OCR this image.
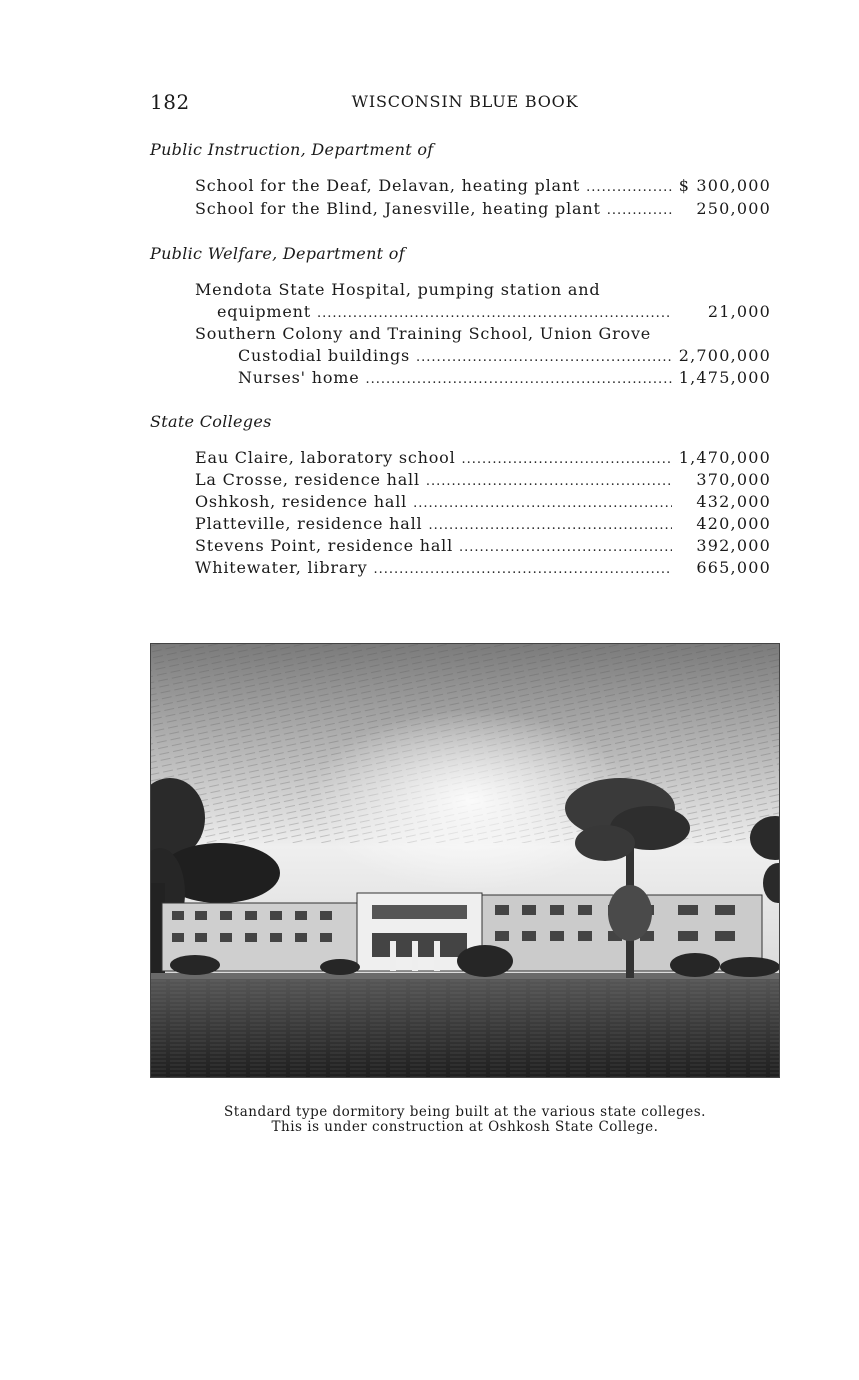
182	WISCONSIN BLUE BOOK
Public Instruction, Department of
School for the Deaf, Delavan, heating plant .....	$ 300,000
School for the Blind, Janesville, heating plant .....	250,000
Public Welfare, Department of
Mendota State Hospital, pumping station and
equipment .....	21,000
Southern Colony and Training School, Union Grove
Custodial buildings .....	2,700,000
Nurses' home .....	1,475,000
State Colleges
Eau Claire, laboratory school .....	1,470,000
La Crosse, residence hall .....	370,000
Oshkosh, residence hall .....	432,000
Platteville, residence hall .....	420,000
Stevens Point, residence hall .....	392,000
Whitewater, library .....	665,000
Standard type dormitory being built at the various state colleges.
This is under construction at Oshkosh State College.
